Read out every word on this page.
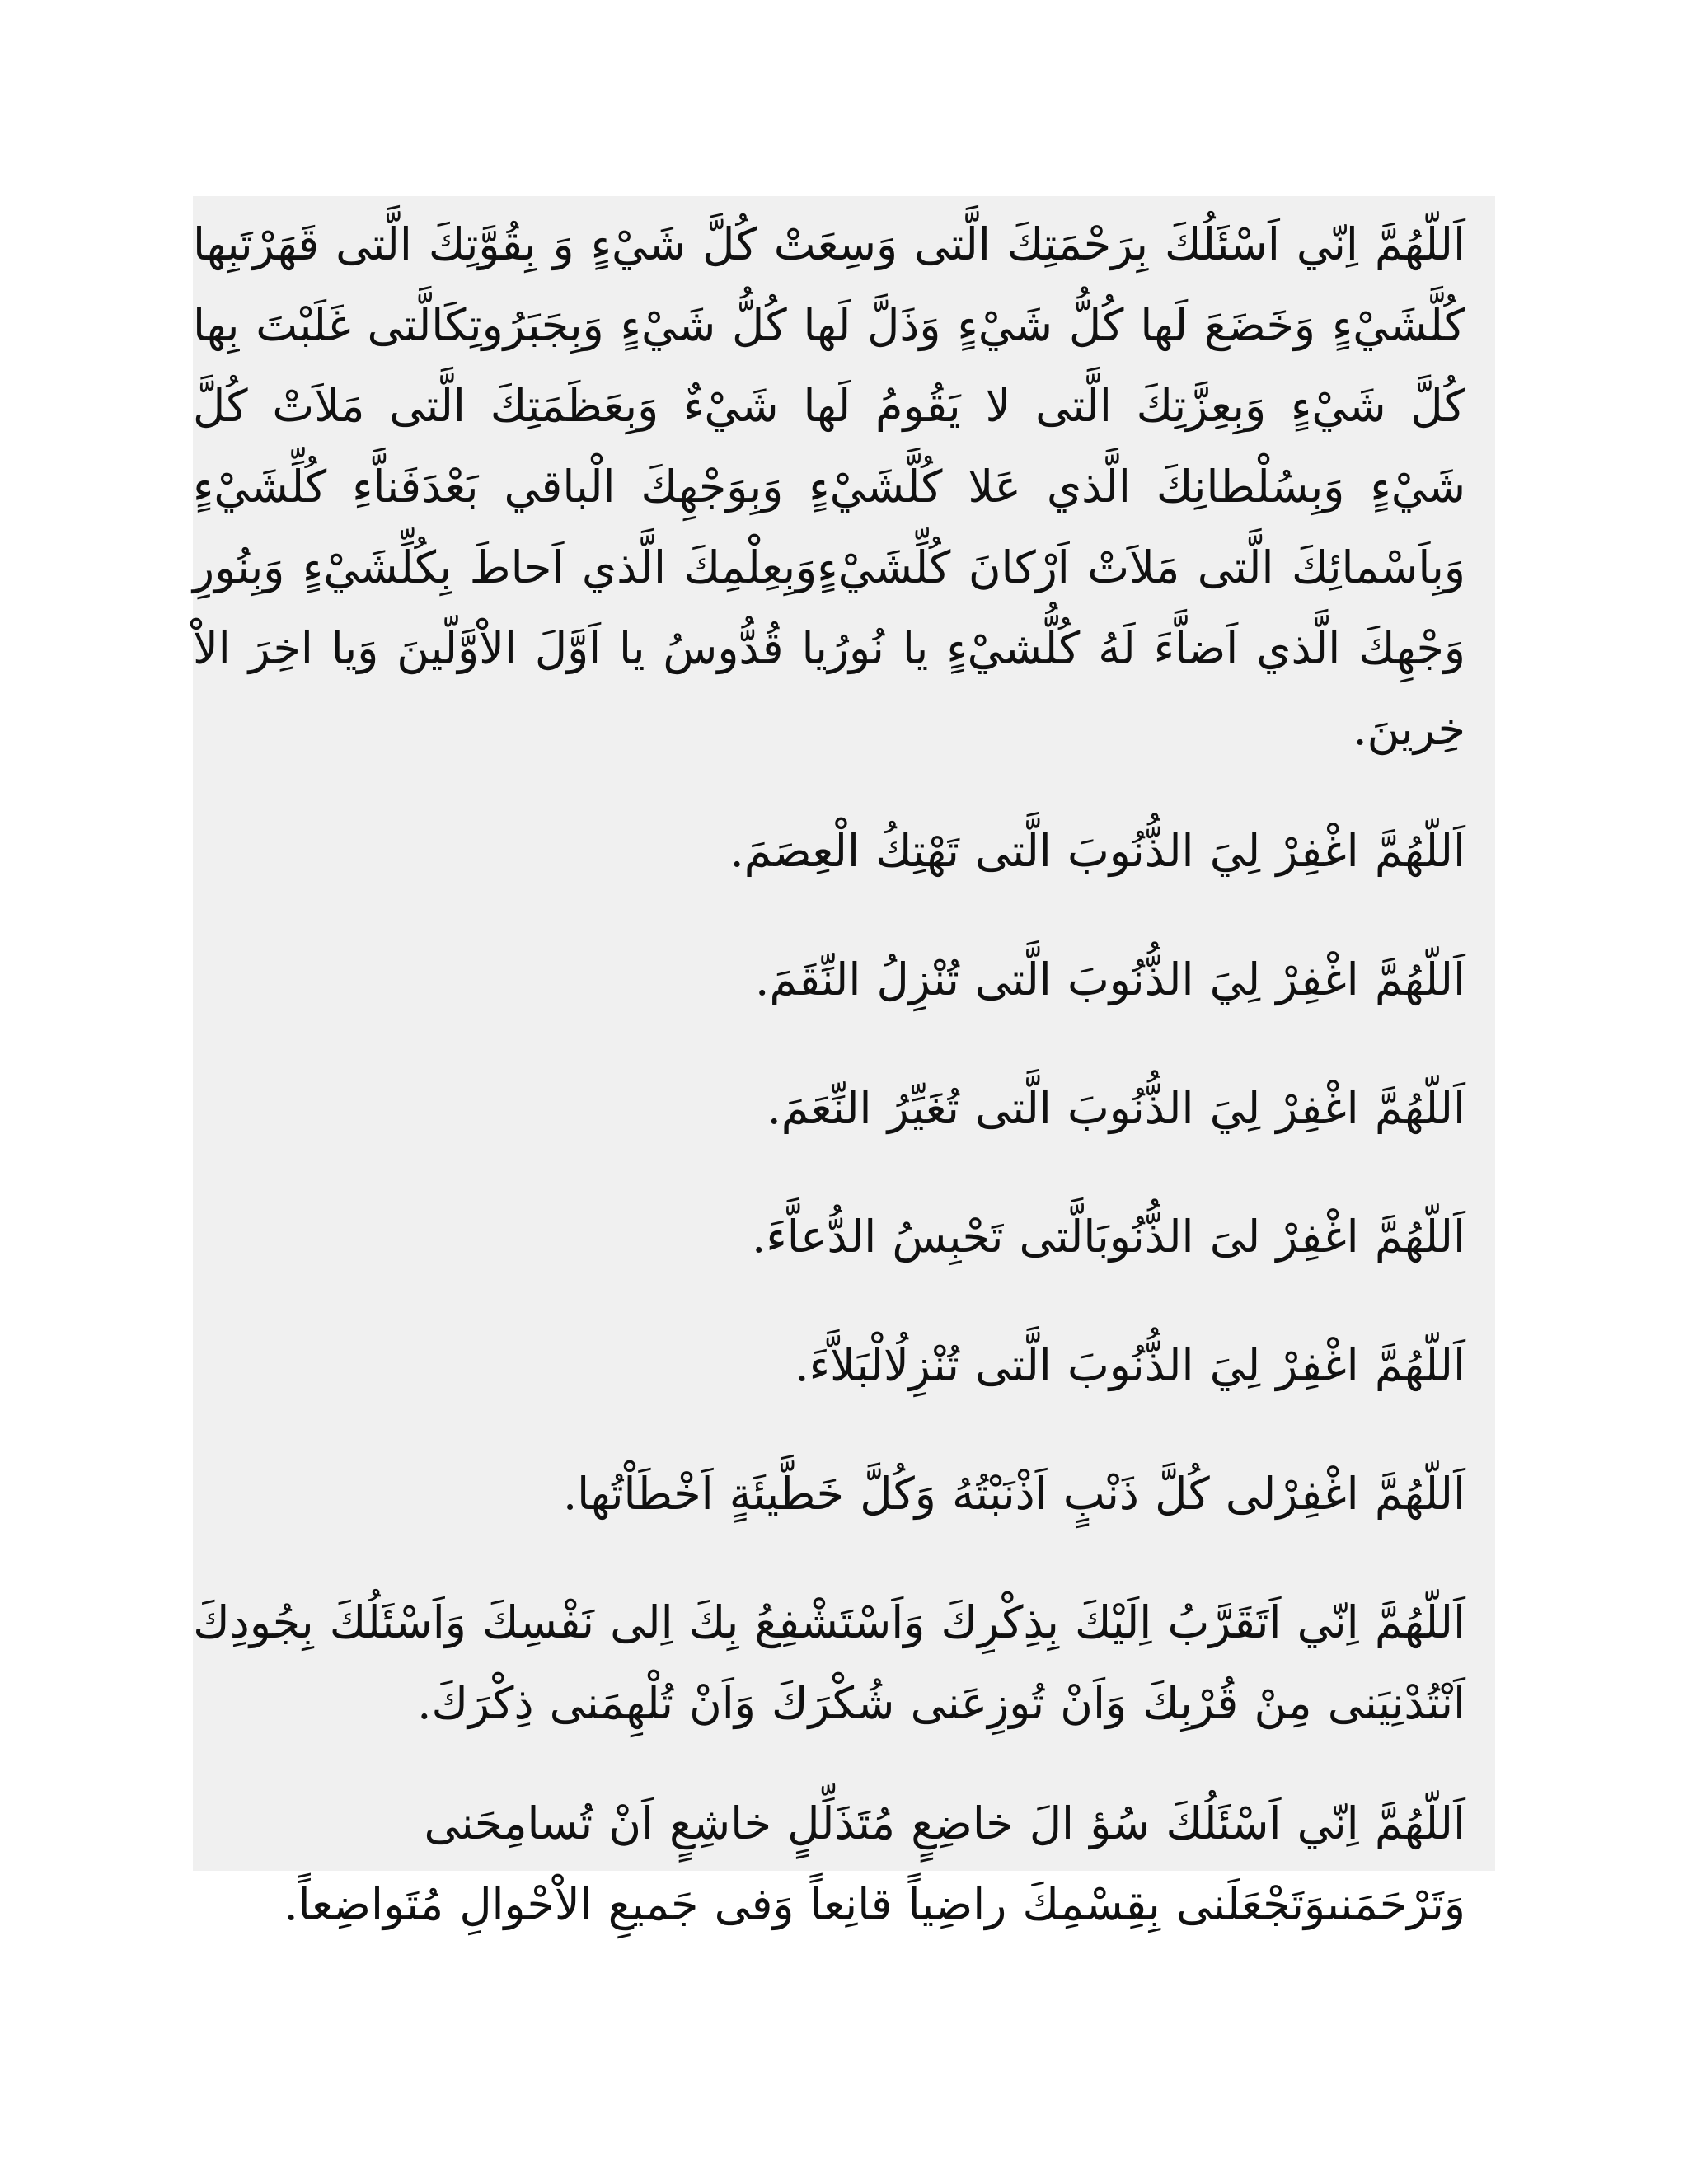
اَللّهُمَّ اِنّي اَسْئَلُكَ بِرَحْمَتِكَ الَّتى وَسِعَتْ كُلَّ شَيْءٍ وَ بِقُوَّتِكَ الَّتى قَهَرْتَبِها كُلَّشَيْءٍ وَخَضَعَ لَها كُلُّ شَيْءٍ وَذَلَّ لَها كُلُّ شَيْءٍ وَبِجَبَرُوتِكَالَّتى غَلَبْتَ بِها كُلَّ شَيْءٍ وَبِعِزَّتِكَ الَّتى لا يَقُومُ لَها شَيْءٌ وَبِعَظَمَتِكَ الَّتى مَلاَتْ كُلَّ شَيْءٍ وَبِسُلْطانِكَ الَّذي عَلا كُلَّشَيْءٍ وَبِوَجْهِكَ الْباقي بَعْدَفَناَّءِ كُلِّشَيْءٍ وَبِاَسْمائِكَ الَّتى مَلاَتْ اَرْكانَ كُلِّشَيْءٍوَبِعِلْمِكَ الَّذي اَحاطَ بِكُلِّشَيْءٍ وَبِنُورِ وَجْهِكَ الَّذي اَضاَّءَ لَهُ كُلُّشيْءٍ يا نُورُيا قُدُّوسُ يا اَوَّلَ الاْوَّلّينَ وَيا اخِرَ الاْ خِرينَ.

اَللّهُمَّ اغْفِرْ لِيَ الذُّنُوبَ الَّتى تَهْتِكُ الْعِصَمَ.

اَللّهُمَّ اغْفِرْ لِيَ الذُّنُوبَ الَّتى تُنْزِلُ النِّقَمَ.

اَللّهُمَّ اغْفِرْ لِيَ الذُّنُوبَ الَّتى تُغَيِّرُ النِّعَمَ.

اَللّهُمَّ اغْفِرْ لىَ الذُّنُوبَالَّتى تَحْبِسُ الدُّعاَّءَ.

اَللّهُمَّ اغْفِرْ لِيَ الذُّنُوبَ الَّتى تُنْزِلُالْبَلاَّءَ.

اَللّهُمَّ اغْفِرْلى كُلَّ ذَنْبٍ اَذْنَبْتُهُ وَكُلَّ خَطَّيئَةٍ اَخْطَاْتُها.

اَللّهُمَّ اِنّي اَتَقَرَّبُ اِلَيْكَ بِذِكْرِكَ وَاَسْتَشْفِعُ بِكَ اِلى نَفْسِكَ وَاَسْئَلُكَ بِجُودِكَ اَنْتُدْنِيَنى مِنْ قُرْبِكَ وَاَنْ تُوزِعَنى شُكْرَكَ وَاَنْ تُلْهِمَنى ذِكْرَكَ.

اَللّهُمَّ اِنّي اَسْئَلُكَ سُؤ الَ خاضِعٍ مُتَذَلِّلٍ خاشِعٍ اَنْ تُسامِحَنى وَتَرْحَمَنىوَتَجْعَلَنى بِقِسْمِكَ راضِياً قانِعاً وَفى جَميعِ الاْحْوالِ مُتَواضِعاً.
